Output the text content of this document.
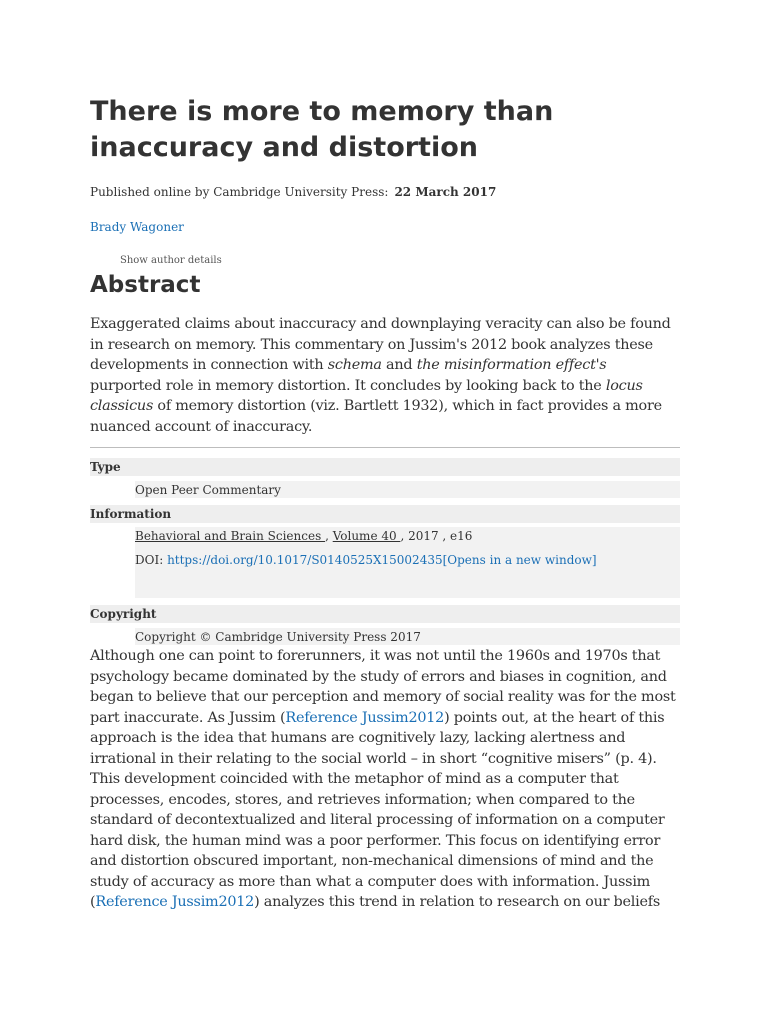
There is more to memory than inaccuracy and distortion
Published online by Cambridge University Press: 22 March 2017
Brady Wagoner
Show author details
Abstract

Exaggerated claims about inaccuracy and downplaying veracity can also be found in research on memory. This commentary on Jussim's 2012 book analyzes these developments in connection with schema and the misinformation effect's purported role in memory distortion. It concludes by looking back to the locus classicus of memory distortion (viz. Bartlett 1932), which in fact provides a more nuanced account of inaccuracy.

Type
Open Peer Commentary
Information
Behavioral and Brain Sciences , Volume 40 , 2017 , e16
DOI: https://doi.org/10.1017/S0140525X15002435[Opens in a new window]
Copyright
Copyright © Cambridge University Press 2017

Although one can point to forerunners, it was not until the 1960s and 1970s that psychology became dominated by the study of errors and biases in cognition, and began to believe that our perception and memory of social reality was for the most part inaccurate. As Jussim (Reference Jussim2012) points out, at the heart of this approach is the idea that humans are cognitively lazy, lacking alertness and irrational in their relating to the social world – in short “cognitive misers” (p. 4). This development coincided with the metaphor of mind as a computer that processes, encodes, stores, and retrieves information; when compared to the standard of decontextualized and literal processing of information on a computer hard disk, the human mind was a poor performer. This focus on identifying error and distortion obscured important, non-mechanical dimensions of mind and the study of accuracy as more than what a computer does with information. Jussim (Reference Jussim2012) analyzes this trend in relation to research on our beliefs
